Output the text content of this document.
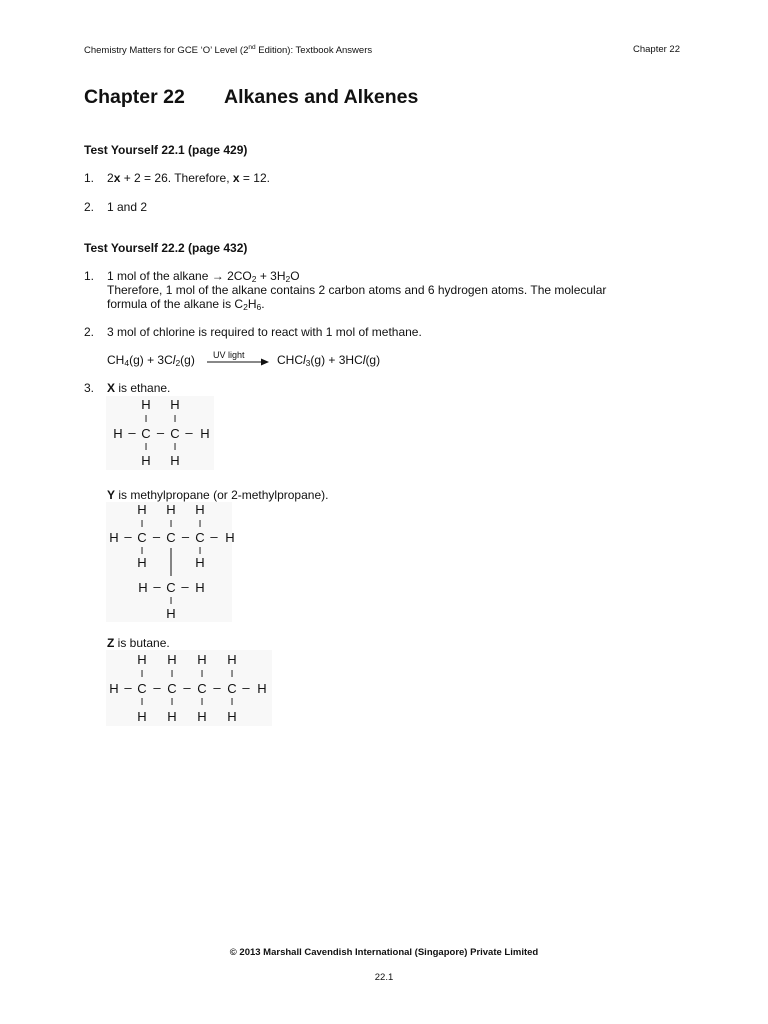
Chemistry Matters for GCE ‘O’ Level (2nd Edition): Textbook Answers	Chapter 22
Chapter 22 Alkanes and Alkenes
Test Yourself 22.1 (page 429)
1. 2x + 2 = 26. Therefore, x = 12.
2. 1 and 2
Test Yourself 22.2 (page 432)
1. 1 mol of the alkane → $2CO_2 + 3H_2O$
Therefore, 1 mol of the alkane contains 2 carbon atoms and 6 hydrogen atoms. The molecular
formula of the alkane is $C_2H_6$.
2. 3 mol of chlorine is required to react with 1 mol of methane.
$CH_4(g) + 3Cl_2(g)$ UV light → CHCl$_3$(g) + 3HCl(g)
3. X is ethane.
H – C
H
I
I
H
– C
H
I
I
H
– H
Y is methylpropane (or 2-methylpropane).
H – C
H
I
I
H
– C
H
I
– C
H
I
I
H
– H
H – C – H
I
H
Z is butane.
H – C
H
I
I
H
– C
H
I
I
H
– C
H
I
I
H
– C
H
I
I
H
– H
© 2013 Marshall Cavendish International (Singapore) Private Limited
22.1
